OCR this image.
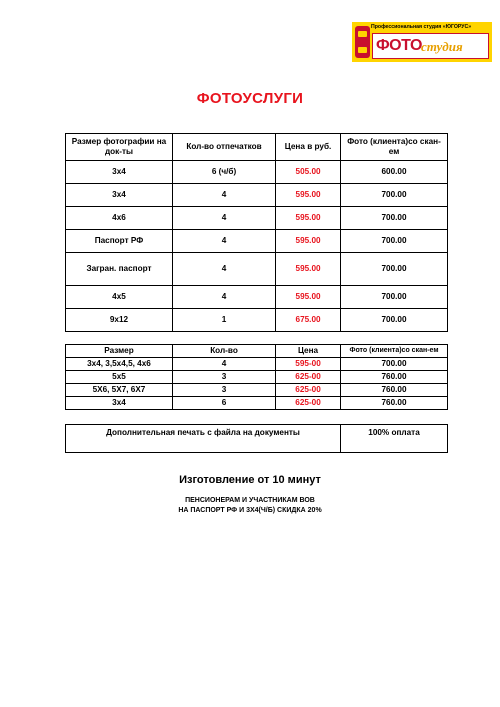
Профессиональная студия «ЮГОРУС»
ФОТО студия
ФОТОУСЛУГИ
Размер фотографии на док-ты	Кол-во отпечатков	Цена в руб.	Фото (клиента)со скан-ем
3x4	6 (ч/б)	505.00	600.00
3x4	4	595.00	700.00
4x6	4	595.00	700.00
Паспорт РФ	4	595.00	700.00
Загран. паспорт	4	595.00	700.00
4x5	4	595.00	700.00
9x12	1	675.00	700.00
Размер	Кол-во	Цена	Фото (клиента)со скан-ем
3x4, 3,5x4,5, 4x6	4	595-00	700.00
5x5	3	625-00	760.00
5X6, 5X7, 6X7	3	625-00	760.00
3x4	6	625-00	760.00
Дополнительная печать с файла на документы	100% оплата
Изготовление от 10 минут
ПЕНСИОНЕРАМ И УЧАСТНИКАМ ВОВ
НА ПАСПОРТ РФ И 3X4(Ч/Б) СКИДКА 20%
